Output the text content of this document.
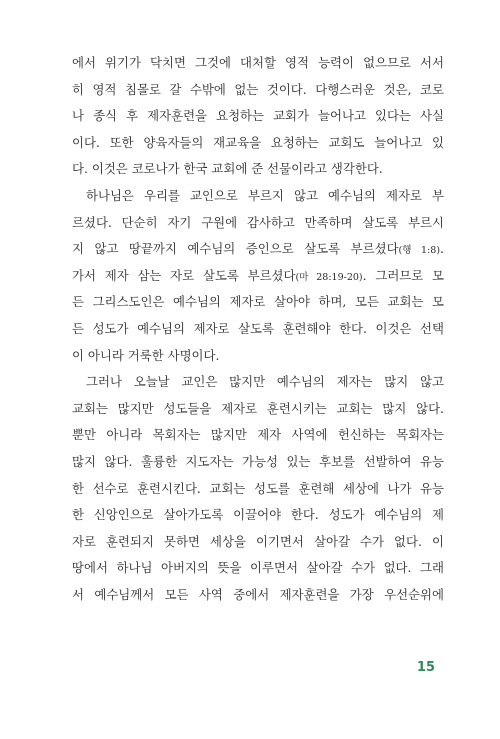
에서 위기가 닥치면 그것에 대처할 영적 능력이 없으므로 서서
히 영적 침몰로 갈 수밖에 없는 것이다. 다행스러운 것은, 코로
나 종식 후 제자훈련을 요청하는 교회가 늘어나고 있다는 사실
이다. 또한 양육자들의 재교육을 요청하는 교회도 늘어나고 있
다. 이것은 코로나가 한국 교회에 준 선물이라고 생각한다.
하나님은 우리를 교인으로 부르지 않고 예수님의 제자로 부
르셨다. 단순히 자기 구원에 감사하고 만족하며 살도록 부르시
지 않고 땅끝까지 예수님의 증인으로 살도록 부르셨다(행 1:8).
가서 제자 삼는 자로 살도록 부르셨다(마 28:19-20). 그러므로 모
든 그리스도인은 예수님의 제자로 살아야 하며, 모든 교회는 모
든 성도가 예수님의 제자로 살도록 훈련해야 한다. 이것은 선택
이 아니라 거룩한 사명이다.
그러나 오늘날 교인은 많지만 예수님의 제자는 많지 않고
교회는 많지만 성도들을 제자로 훈련시키는 교회는 많지 않다.
뿐만 아니라 목회자는 많지만 제자 사역에 헌신하는 목회자는
많지 않다. 훌륭한 지도자는 가능성 있는 후보를 선발하여 유능
한 선수로 훈련시킨다. 교회는 성도를 훈련해 세상에 나가 유능
한 신앙인으로 살아가도록 이끌어야 한다. 성도가 예수님의 제
자로 훈련되지 못하면 세상을 이기면서 살아갈 수가 없다. 이
땅에서 하나님 아버지의 뜻을 이루면서 살아갈 수가 없다. 그래
서 예수님께서 모든 사역 중에서 제자훈련을 가장 우선순위에
15
